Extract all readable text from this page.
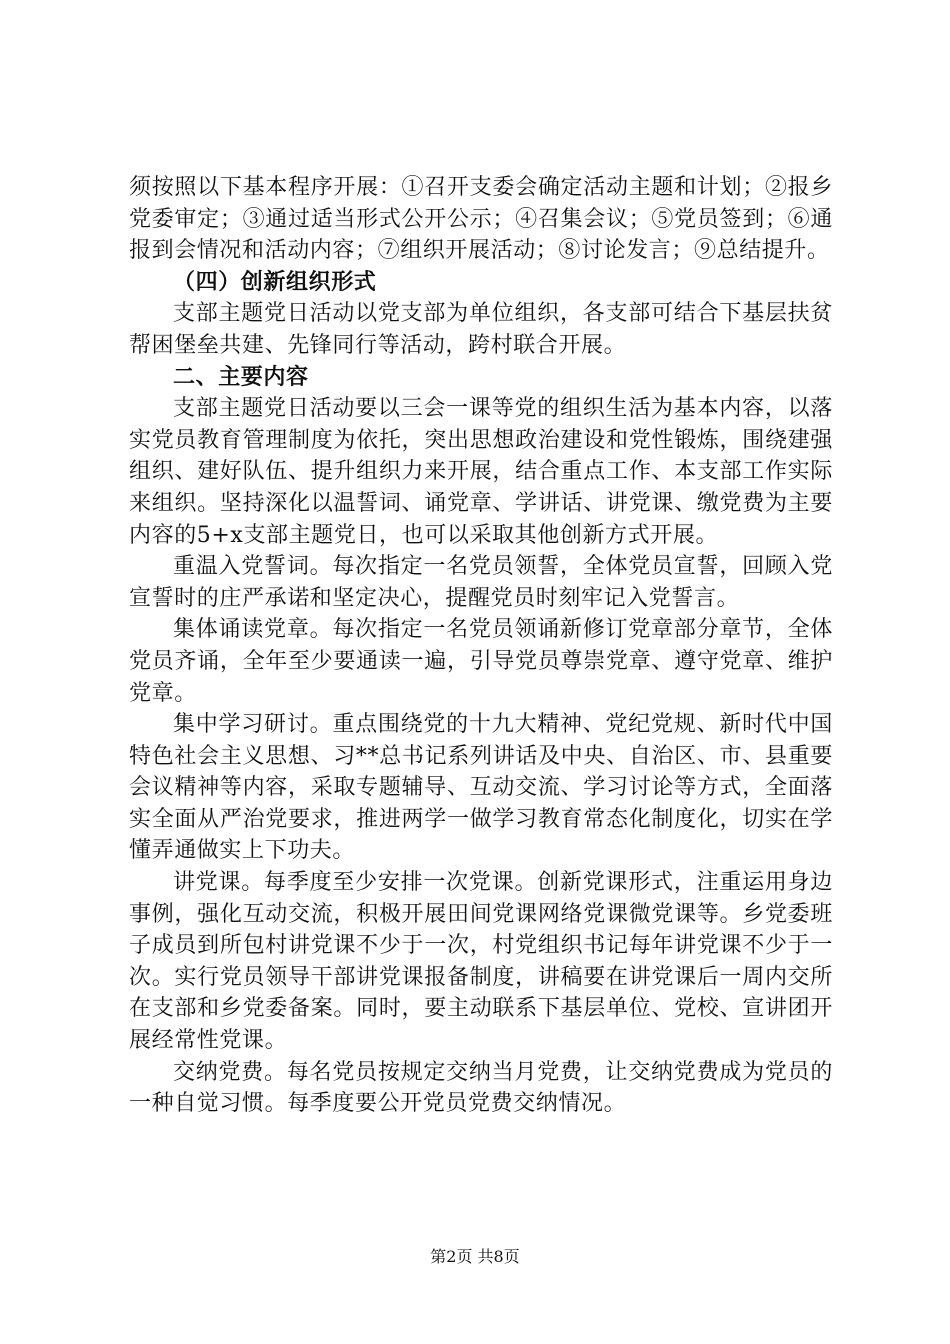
须按照以下基本程序开展：①召开支委会确定活动主题和计划；②报乡党委审定；③通过适当形式公开公示；④召集会议；⑤党员签到；⑥通报到会情况和活动内容；⑦组织开展活动；⑧讨论发言；⑨总结提升。

（四）创新组织形式

支部主题党日活动以党支部为单位组织，各支部可结合下基层扶贫帮困堡垒共建、先锋同行等活动，跨村联合开展。

二、主要内容

支部主题党日活动要以三会一课等党的组织生活为基本内容，以落实党员教育管理制度为依托，突出思想政治建设和党性锻炼，围绕建强组织、建好队伍、提升组织力来开展，结合重点工作、本支部工作实际来组织。坚持深化以温誓词、诵党章、学讲话、讲党课、缴党费为主要内容的5+x支部主题党日，也可以采取其他创新方式开展。

重温入党誓词。每次指定一名党员领誓，全体党员宣誓，回顾入党宣誓时的庄严承诺和坚定决心，提醒党员时刻牢记入党誓言。

集体诵读党章。每次指定一名党员领诵新修订党章部分章节，全体党员齐诵，全年至少要通读一遍，引导党员尊崇党章、遵守党章、维护党章。

集中学习研讨。重点围绕党的十九大精神、党纪党规、新时代中国特色社会主义思想、习**总书记系列讲话及中央、自治区、市、县重要会议精神等内容，采取专题辅导、互动交流、学习讨论等方式，全面落实全面从严治党要求，推进两学一做学习教育常态化制度化，切实在学懂弄通做实上下功夫。

讲党课。每季度至少安排一次党课。创新党课形式，注重运用身边事例，强化互动交流，积极开展田间党课网络党课微党课等。乡党委班子成员到所包村讲党课不少于一次，村党组织书记每年讲党课不少于一次。实行党员领导干部讲党课报备制度，讲稿要在讲党课后一周内交所在支部和乡党委备案。同时，要主动联系下基层单位、党校、宣讲团开展经常性党课。

交纳党费。每名党员按规定交纳当月党费，让交纳党费成为党员的一种自觉习惯。每季度要公开党员党费交纳情况。

第2页 共8页
